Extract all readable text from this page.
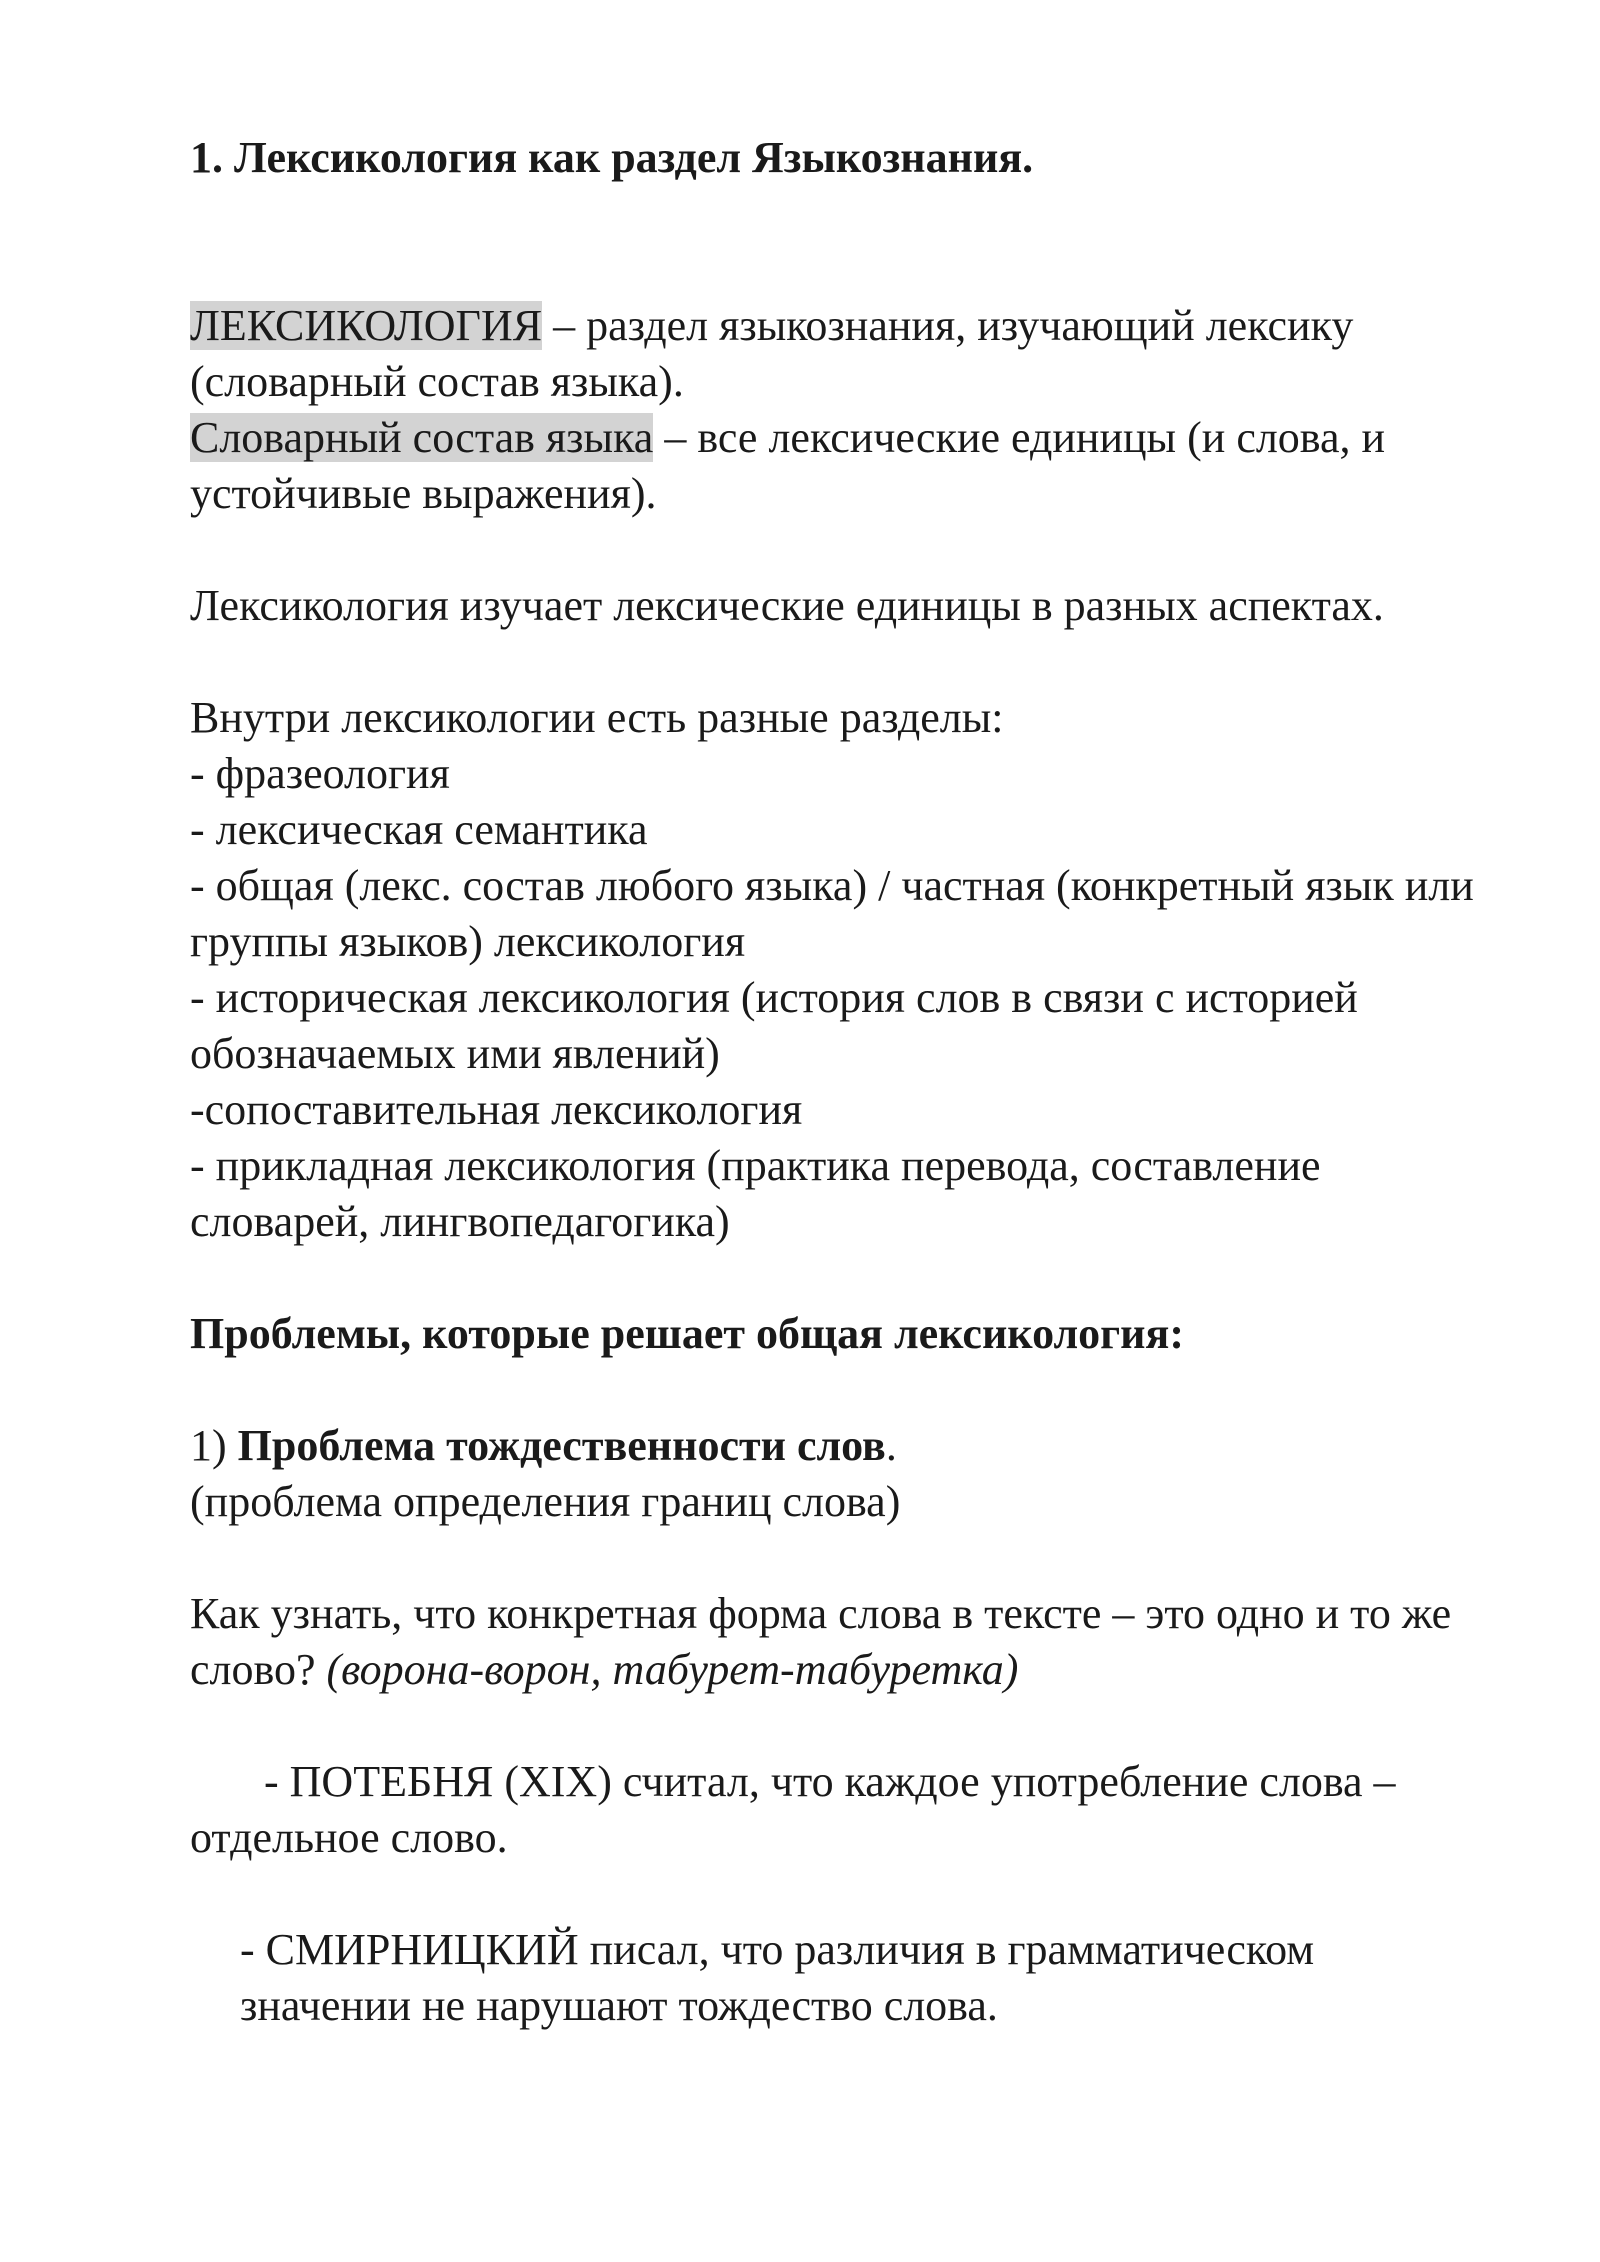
1. Лексикология как раздел Языкознания.

ЛЕКСИКОЛОГИЯ – раздел языкознания, изучающий лексику (словарный состав языка).

Словарный состав языка – все лексические единицы (и слова, и устойчивые выражения).

Лексикология изучает лексические единицы в разных аспектах.

Внутри лексикологии есть разные разделы:

- фразеология

- лексическая семантика

- общая (лекс. состав любого языка) / частная (конкретный язык или группы языков) лексикология

- историческая лексикология (история слов в связи с историей обозначаемых ими явлений)

-сопоставительная лексикология

- прикладная лексикология (практика перевода, составление словарей, лингвопедагогика)

Проблемы, которые решает общая лексикология:

1) Проблема тождественности слов.

(проблема определения границ слова)

Как узнать, что конкретная форма слова в тексте – это одно и то же слово? (ворона-ворон, табурет-табуретка)

- ПОТЕБНЯ (XIX) считал, что каждое употребление слова – отдельное слово.

- СМИРНИЦКИЙ писал, что различия в грамматическом значении не нарушают тождество слова.
